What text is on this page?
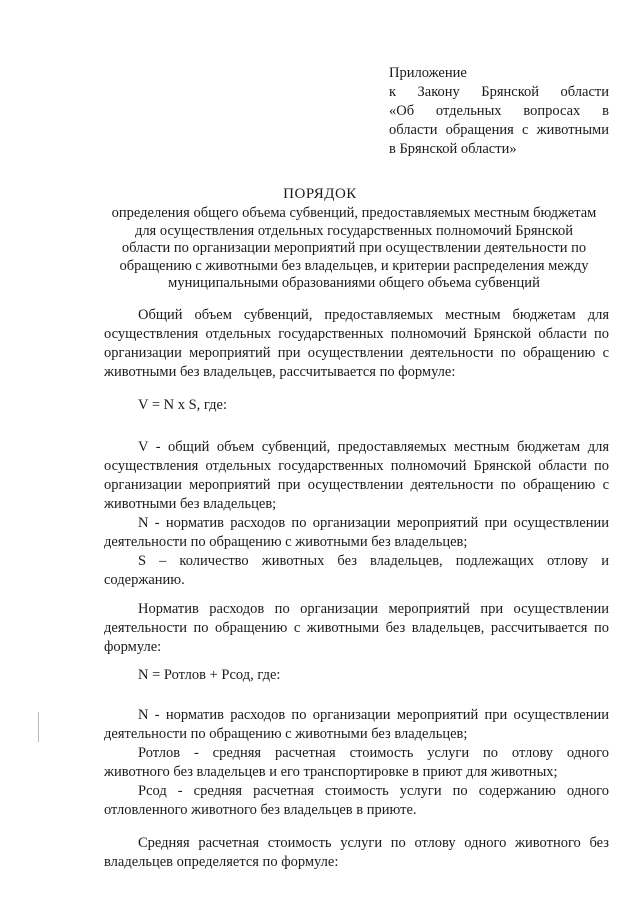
Приложение
к Закону Брянской области
«Об отдельных вопросах в
области обращения с животными
в Брянской области»
ПОРЯДОК
определения общего объема субвенций, предоставляемых местным бюджетам
для осуществления отдельных государственных полномочий Брянской
области по организации мероприятий при осуществлении деятельности по
обращению с животными без владельцев, и критерии распределения между
муниципальными образованиями общего объема субвенций
Общий объем субвенций, предоставляемых местным бюджетам для
осуществления отдельных государственных полномочий Брянской области по
организации мероприятий при осуществлении деятельности по обращению с
животными без владельцев, рассчитывается по формуле:
V = N x S, где:
V - общий объем субвенций, предоставляемых местным бюджетам для
осуществления отдельных государственных полномочий Брянской области по
организации мероприятий при осуществлении деятельности по обращению с
животными без владельцев;
N - норматив расходов по организации мероприятий при осуществлении
деятельности по обращению с животными без владельцев;
S – количество животных без владельцев, подлежащих отлову и
содержанию.
Норматив расходов по организации мероприятий при осуществлении
деятельности по обращению с животными без владельцев, рассчитывается по
формуле:
N = Ротлов + Рсод, где:
N - норматив расходов по организации мероприятий при осуществлении
деятельности по обращению с животными без владельцев;
Ротлов - средняя расчетная стоимость услуги по отлову одного
животного без владельцев и его транспортировке в приют для животных;
Рсод - средняя расчетная стоимость услуги по содержанию одного
отловленного животного без владельцев в приюте.
Средняя расчетная стоимость услуги по отлову одного животного без
владельцев определяется по формуле:
